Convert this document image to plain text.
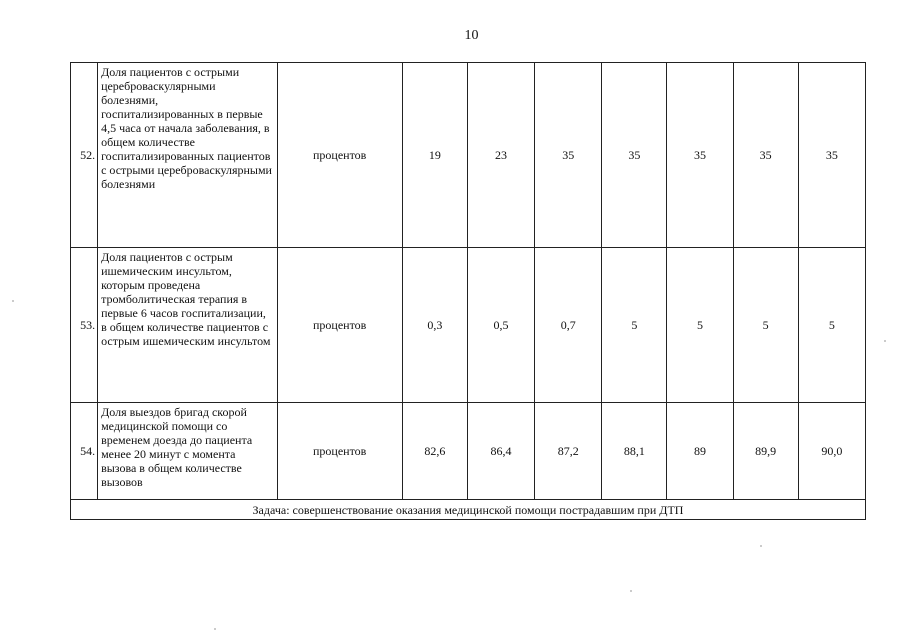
10
52.	Доля пациентов с острыми цереброваскулярными болезнями, госпитализированных в первые 4,5 часа от начала заболевания, в общем количестве госпитализированных пациентов с острыми цереброваскулярными болезнями	процентов	19	23	35	35	35	35	35
53.	Доля пациентов с острым ишемическим инсультом, которым проведена тромболитическая терапия в первые 6 часов госпитализации, в общем количестве пациентов с острым ишемическим инсультом	процентов	0,3	0,5	0,7	5	5	5	5
54.	Доля выездов бригад скорой медицинской помощи со временем доезда до пациента менее 20 минут с момента вызова в общем количестве вызовов	процентов	82,6	86,4	87,2	88,1	89	89,9	90,0
Задача: совершенствование оказания медицинской помощи пострадавшим при ДТП									
